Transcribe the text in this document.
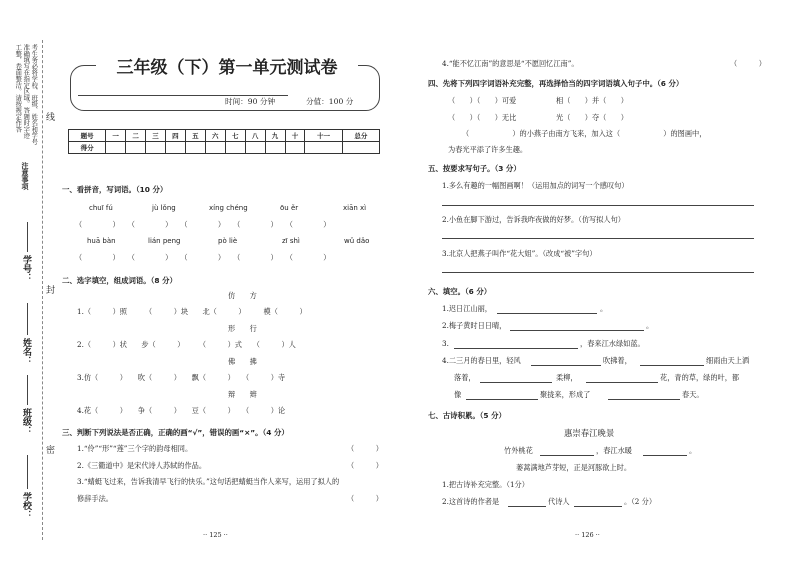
考生务必将学校、班级、姓名和学号
准确填写在指定区域。答题时字迹
工整，卷面整洁。请按规定作答
注意事项
线
封
密
学号：
姓名：
班级：
学校：
三年级（下）第一单元测试卷
时间：90 分钟	分值：100 分
题号	一	二	三	四	五	六	七	八	九	十	十一	总分
得分												
一、看拼音，写词语。（10 分）
chuī fú	jù lǒng	xíng chéng	ōu ěr	xiān xì
（　　　　）　　（　　　　）　　（　　　　）　　（　　　　）　　（　　　　）
huā bàn	lián peng	pò liè	zī shì	wǔ dǎo
（　　　　）　　（　　　　）　　（　　　　）　　（　　　　）　　（　　　　）
二、选字填空，组成词语。（8 分）
仿　　方
1.（　　　）照　　　（　　　）块　　北（　　　）　　　模（　　　）
形　　行
2.（　　　）状　　步（　　　）　　　（　　　）式　　（　　　）人
佛　　拂
3.仿（　　　）　　吹（　　　）　　飘（　　　）　　（　　　）寺
辩　　辫
4.花（　　　）　　争（　　　）　　豆（　　　）　　（　　　）论
三、判断下列说法是否正确，正确的画“√”，错误的画“×”。（4 分）
1.“伶”“形”“莲”三个字的韵母相同。	（　　　）
2.《三衢道中》是宋代诗人苏轼的作品。	（　　　）
3.“蜻蜓飞过来，告诉我清早飞行的快乐。”这句话把蜻蜓当作人来写，运用了拟人的
修辞手法。	（　　　）
·· 125 ··
4.“能不忆江南”的意思是“不愿回忆江南”。	（　　　）
四、先将下列四字词语补充完整，再选择恰当的四字词语填入句子中。（6 分）
（　　）（　　）可爱	相（　　）并（　　）
（　　）（　　）无比	光（　　）夺（　　）
（　　　　　　）的小燕子由南方飞来，加入这（　　　　　　）的图画中，
为春光平添了许多生趣。
五、按要求写句子。（3 分）
1.多么有趣的一幅图画啊！（运用加点的词写一个感叹句）
2.小鱼在脚下游过，告诉我昨夜做的好梦。（仿写拟人句）
3.北京人把燕子叫作“花大姐”。（改成“被”字句）
六、填空。（6 分）
1.迟日江山丽，	。
2.梅子黄时日日晴，
3.
。
，春来江水绿如蓝。
4.二三月的春日里，轻风	吹拂着，	细雨由天上洒
落着，	柔柳，	花，青的草，绿的叶，都
像	聚拢来，形成了	春天。
七、古诗积累。（5 分）
惠崇春江晚景
竹外桃花	，春江水暖	。
蒌蒿满地芦芽短，正是河豚欲上时。
1.把古诗补充完整。（1分）
2.这首诗的作者是	代诗人	。（2 分）
·· 126 ··
